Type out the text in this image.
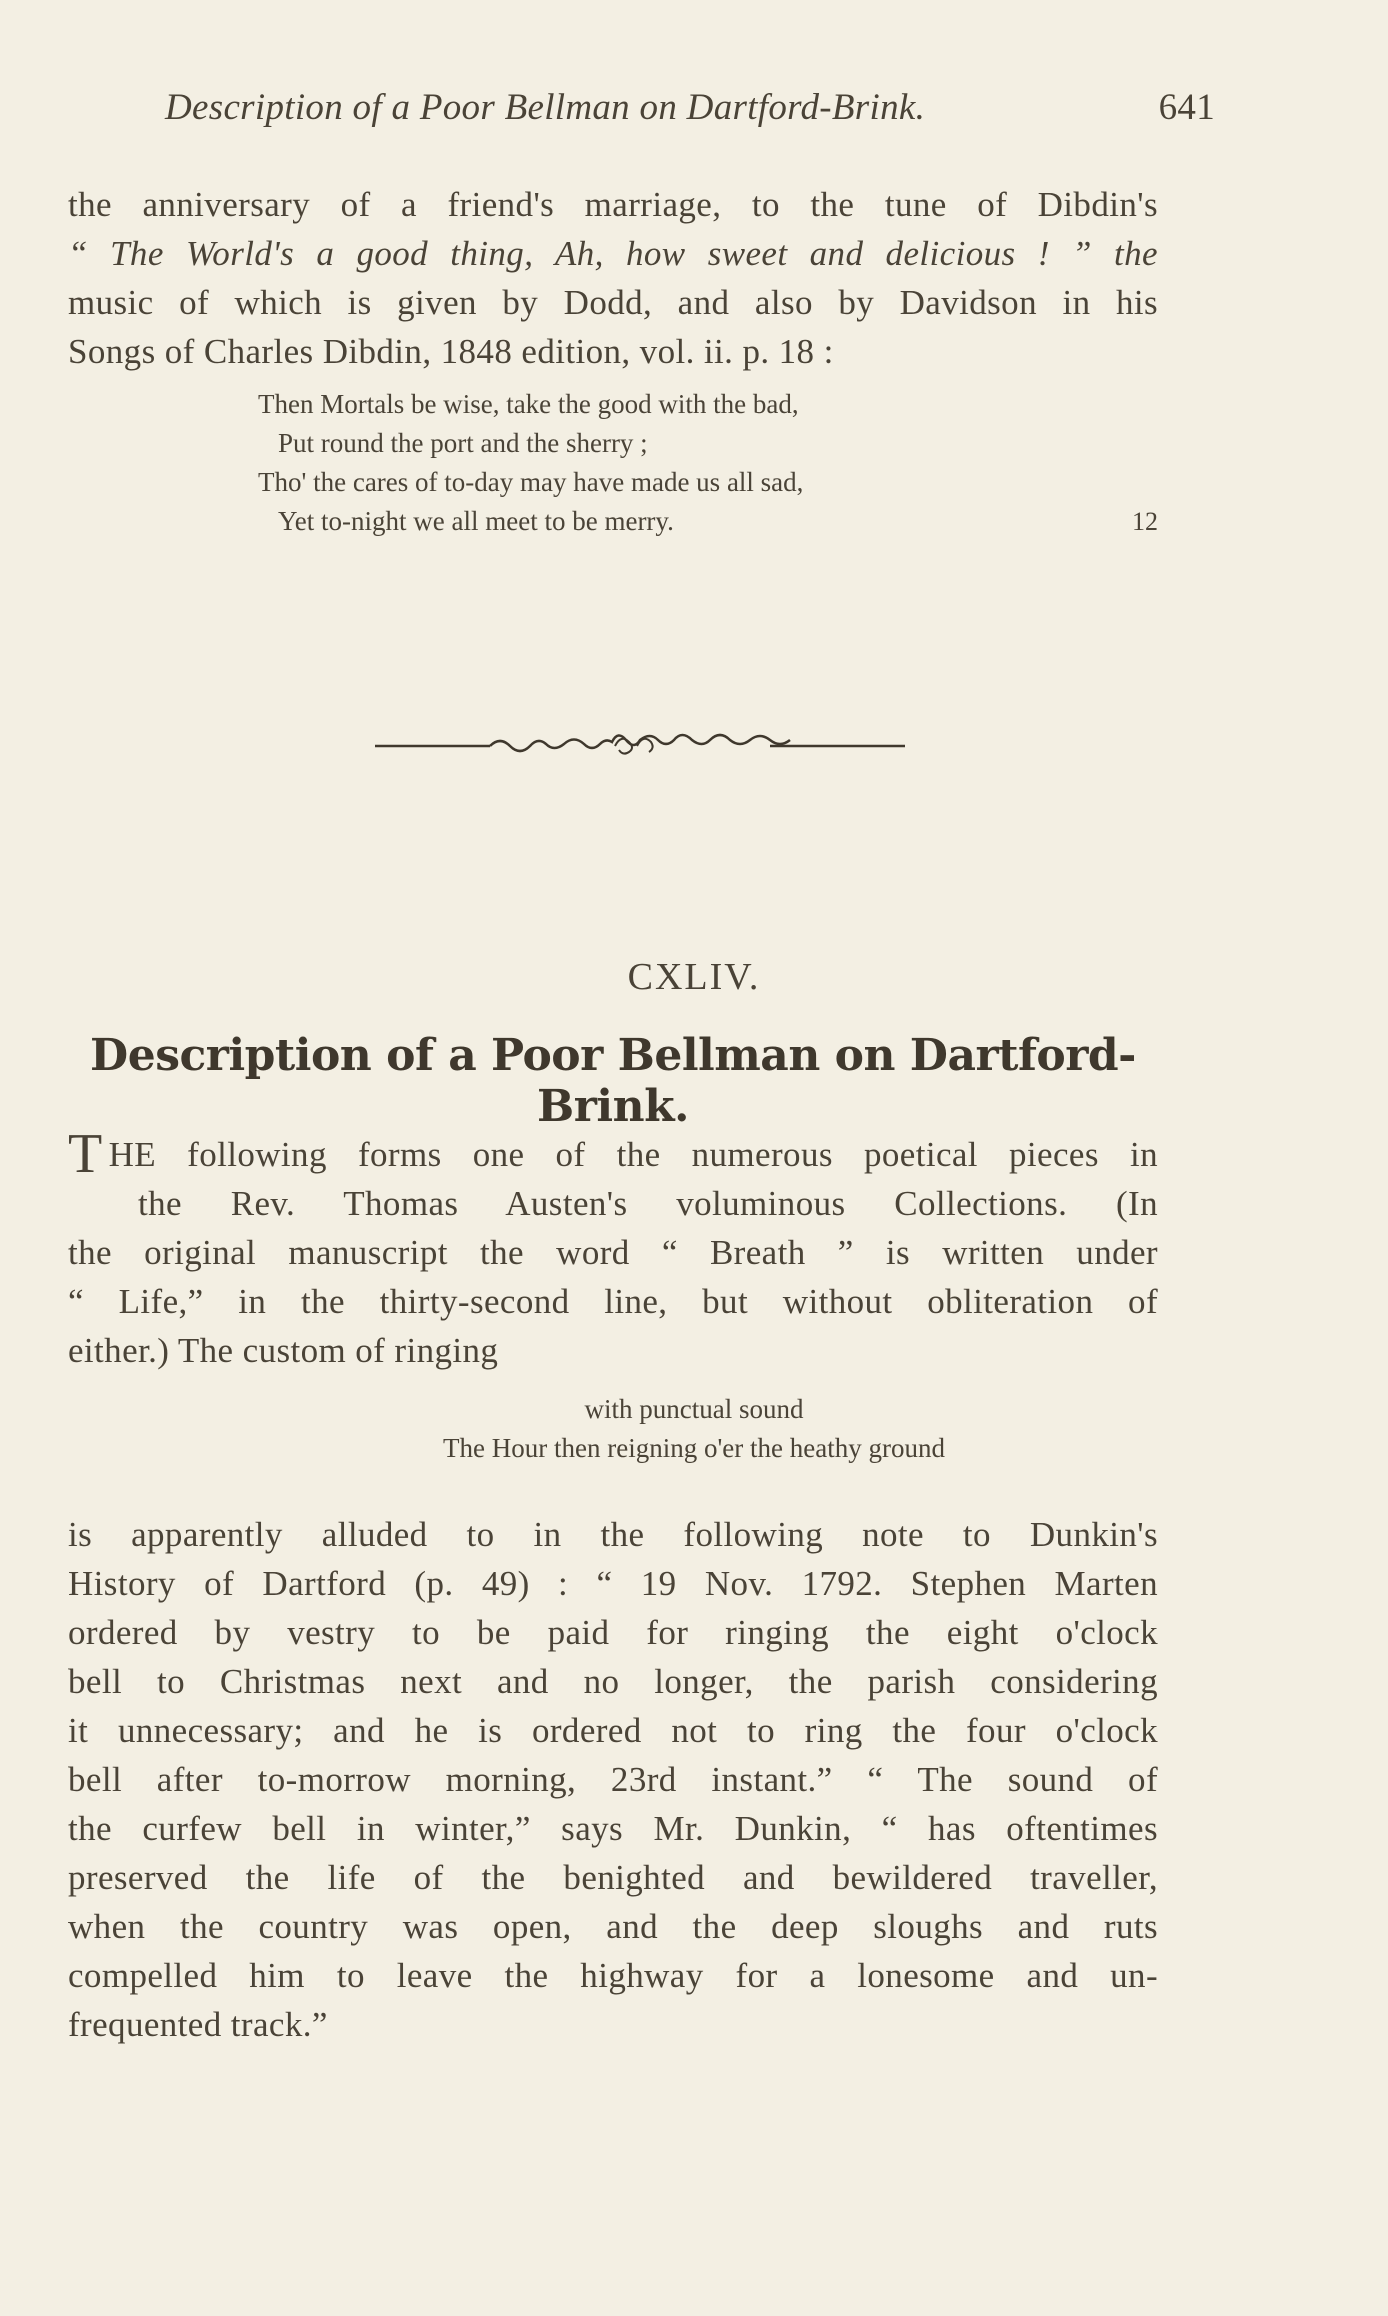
Description of a Poor Bellman on Dartford-Brink.	641
the anniversary of a friend's marriage, to the tune of Dibdin's
“ The World's a good thing, Ah, how sweet and delicious ! ” the
music of which is given by Dodd, and also by Davidson in his
Songs of Charles Dibdin, 1848 edition, vol. ii. p. 18 :
Then Mortals be wise, take the good with the bad,
Put round the port and the sherry ;
Tho' the cares of to-day may have made us all sad,
Yet to-night we all meet to be merry.	12
CXLIV.
Description of a Poor Bellman on Dartford-Brink.
THE following forms one of the numerous poetical pieces in
the Rev. Thomas Austen's voluminous Collections. (In
the original manuscript the word “ Breath ” is written under
“ Life,” in the thirty-second line, but without obliteration of
either.) The custom of ringing
with punctual sound
The Hour then reigning o'er the heathy ground
is apparently alluded to in the following note to Dunkin's
History of Dartford (p. 49) : “ 19 Nov. 1792. Stephen Marten
ordered by vestry to be paid for ringing the eight o'clock
bell to Christmas next and no longer, the parish considering
it unnecessary; and he is ordered not to ring the four o'clock
bell after to-morrow morning, 23rd instant.” “ The sound of
the curfew bell in winter,” says Mr. Dunkin, “ has oftentimes
preserved the life of the benighted and bewildered traveller,
when the country was open, and the deep sloughs and ruts
compelled him to leave the highway for a lonesome and un-
frequented track.”
